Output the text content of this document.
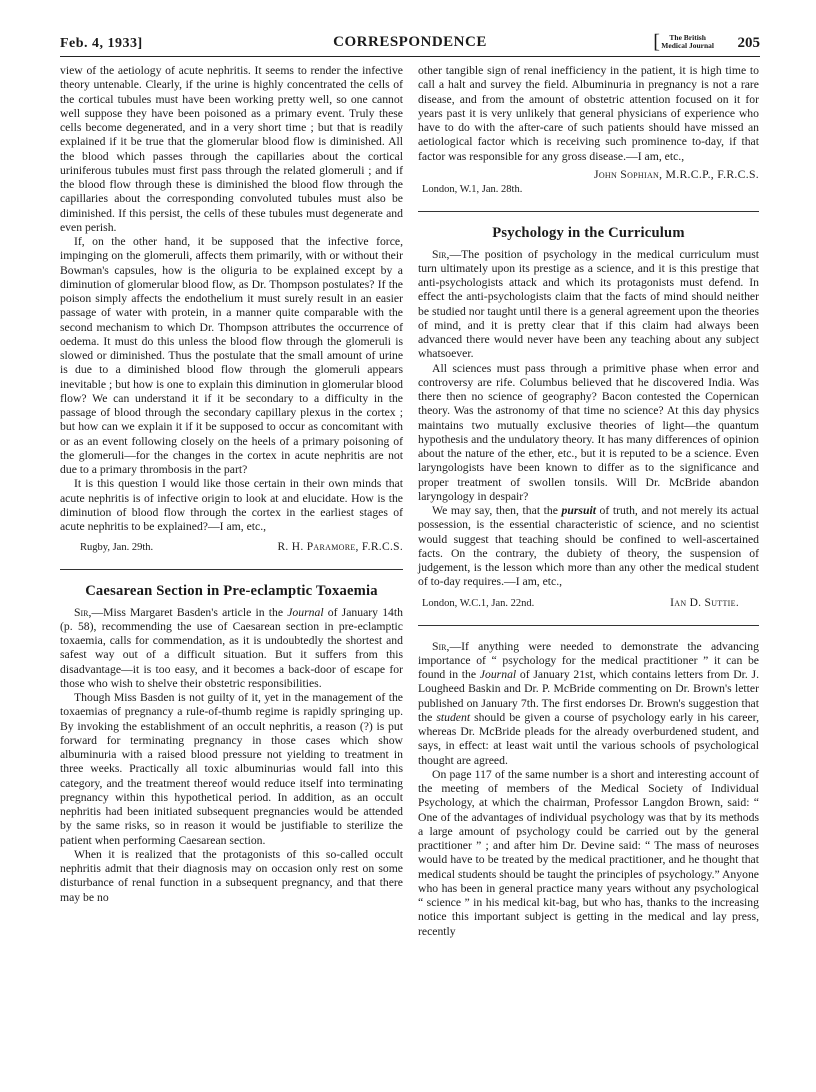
Feb. 4, 1933]	CORRESPONDENCE	[	The British
Medical Journal 205

view of the aetiology of acute nephritis. It seems to render the infective theory untenable. Clearly, if the urine is highly concentrated the cells of the cortical tubules must have been working pretty well, so one cannot well suppose they have been poisoned as a primary event. Truly these cells become degenerated, and in a very short time ; but that is readily explained if it be true that the glomerular blood flow is diminished. All the blood which passes through the capillaries about the cortical uriniferous tubules must first pass through the related glomeruli ; and if the blood flow through these is diminished the blood flow through the capillaries about the corresponding convoluted tubules must also be diminished. If this persist, the cells of these tubules must degenerate and even perish.

If, on the other hand, it be supposed that the infective force, impinging on the glomeruli, affects them primarily, with or without their Bowman's capsules, how is the oliguria to be explained except by a diminution of glomerular blood flow, as Dr. Thompson postulates? If the poison simply affects the endothelium it must surely result in an easier passage of water with protein, in a manner quite comparable with the second mechanism to which Dr. Thompson attributes the occurrence of oedema. It must do this unless the blood flow through the glomeruli is slowed or diminished. Thus the postulate that the small amount of urine is due to a diminished blood flow through the glomeruli appears inevitable ; but how is one to explain this diminution in glomerular blood flow? We can understand it if it be secondary to a difficulty in the passage of blood through the secondary capillary plexus in the cortex ; but how can we explain it if it be supposed to occur as concomitant with or as an event following closely on the heels of a primary poisoning of the glomeruli—for the changes in the cortex in acute nephritis are not due to a primary thrombosis in the part?

It is this question I would like those certain in their own minds that acute nephritis is of infective origin to look at and elucidate. How is the diminution of blood flow through the cortex in the earliest stages of acute nephritis to be explained?—I am, etc.,

Rugby, Jan. 29th.	R. H. Paramore, F.R.C.S.
Caesarean Section in Pre-eclamptic Toxaemia

Sir,—Miss Margaret Basden's article in the Journal of January 14th (p. 58), recommending the use of Caesarean section in pre-eclamptic toxaemia, calls for commendation, as it is undoubtedly the shortest and safest way out of a difficult situation. But it suffers from this disadvantage—it is too easy, and it becomes a back-door of escape for those who wish to shelve their obstetric responsibilities.

Though Miss Basden is not guilty of it, yet in the management of the toxaemias of pregnancy a rule-of-thumb regime is rapidly springing up. By invoking the establishment of an occult nephritis, a reason (?) is put forward for terminating pregnancy in those cases which show albuminuria with a raised blood pressure not yielding to treatment in three weeks. Practically all toxic albuminurias would fall into this category, and the treatment thereof would reduce itself into terminating pregnancy within this hypothetical period. In addition, as an occult nephritis had been initiated subsequent pregnancies would be attended by the same risks, so in reason it would be justifiable to sterilize the patient when performing Caesarean section.

When it is realized that the protagonists of this so-called occult nephritis admit that their diagnosis may on occasion only rest on some disturbance of renal function in a subsequent pregnancy, and that there may be no

other tangible sign of renal inefficiency in the patient, it is high time to call a halt and survey the field. Albuminuria in pregnancy is not a rare disease, and from the amount of obstetric attention focused on it for years past it is very unlikely that general physicians of experience who have to do with the after-care of such patients should have missed an aetiological factor which is receiving such prominence to-day, if that factor was responsible for any gross disease.—I am, etc.,

John Sophian, M.R.C.P., F.R.C.S.
London, W.1, Jan. 28th.
Psychology in the Curriculum

Sir,—The position of psychology in the medical curriculum must turn ultimately upon its prestige as a science, and it is this prestige that anti-psychologists attack and which its protagonists must defend. In effect the anti-psychologists claim that the facts of mind should neither be studied nor taught until there is a general agreement upon the theories of mind, and it is pretty clear that if this claim had always been advanced there would never have been any teaching about any subject whatsoever.

All sciences must pass through a primitive phase when error and controversy are rife. Columbus believed that he discovered India. Was there then no science of geography? Bacon contested the Copernican theory. Was the astronomy of that time no science? At this day physics maintains two mutually exclusive theories of light—the quantum hypothesis and the undulatory theory. It has many differences of opinion about the nature of the ether, etc., but it is reputed to be a science. Even laryngologists have been known to differ as to the significance and proper treatment of swollen tonsils. Will Dr. McBride abandon laryngology in despair?

We may say, then, that the pursuit of truth, and not merely its actual possession, is the essential characteristic of science, and no scientist would suggest that teaching should be confined to well-ascertained facts. On the contrary, the dubiety of theory, the suspension of judgement, is the lesson which more than any other the medical student of to-day requires.—I am, etc.,

London, W.C.1, Jan. 22nd.	Ian D. Suttie.

Sir,—If anything were needed to demonstrate the advancing importance of “ psychology for the medical practitioner ” it can be found in the Journal of January 21st, which contains letters from Dr. J. Lougheed Baskin and Dr. P. McBride commenting on Dr. Brown's letter published on January 7th. The first endorses Dr. Brown's suggestion that the student should be given a course of psychology early in his career, whereas Dr. McBride pleads for the already overburdened student, and says, in effect: at least wait until the various schools of psychological thought are agreed.

On page 117 of the same number is a short and interesting account of the meeting of members of the Medical Society of Individual Psychology, at which the chairman, Professor Langdon Brown, said: “ One of the advantages of individual psychology was that by its methods a large amount of psychology could be carried out by the general practitioner ” ; and after him Dr. Devine said: “ The mass of neuroses would have to be treated by the medical practitioner, and he thought that medical students should be taught the principles of psychology.” Anyone who has been in general practice many years without any psychological “ science ” in his medical kit-bag, but who has, thanks to the increasing notice this important subject is getting in the medical and lay press, recently
